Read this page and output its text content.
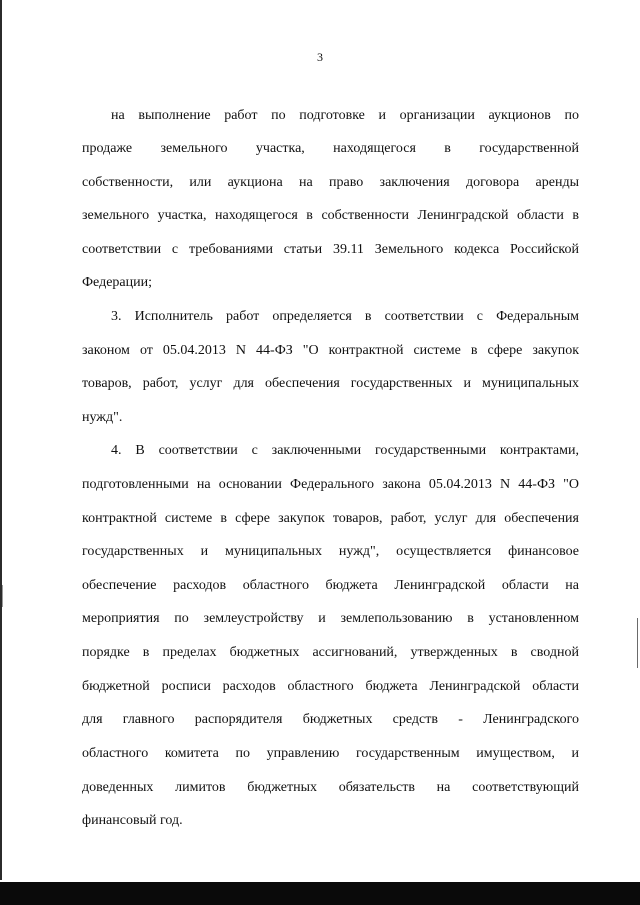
3
на выполнение работ по подготовке и организации аукционов по
продаже земельного участка, находящегося в государственной
собственности, или аукциона на право заключения договора аренды
земельного участка, находящегося в собственности Ленинградской области в
соответствии с требованиями статьи 39.11 Земельного кодекса Российской
Федерации;
3. Исполнитель работ определяется в соответствии с Федеральным
законом от 05.04.2013 N 44-ФЗ "О контрактной системе в сфере закупок
товаров, работ, услуг для обеспечения государственных и муниципальных
нужд".
4. В соответствии с заключенными государственными контрактами,
подготовленными на основании Федерального закона 05.04.2013 N 44-ФЗ "О
контрактной системе в сфере закупок товаров, работ, услуг для обеспечения
государственных и муниципальных нужд", осуществляется финансовое
обеспечение расходов областного бюджета Ленинградской области на
мероприятия по землеустройству и землепользованию в установленном
порядке в пределах бюджетных ассигнований, утвержденных в сводной
бюджетной росписи расходов областного бюджета Ленинградской области
для главного распорядителя бюджетных средств - Ленинградского
областного комитета по управлению государственным имуществом, и
доведенных лимитов бюджетных обязательств на соответствующий
финансовый год.
